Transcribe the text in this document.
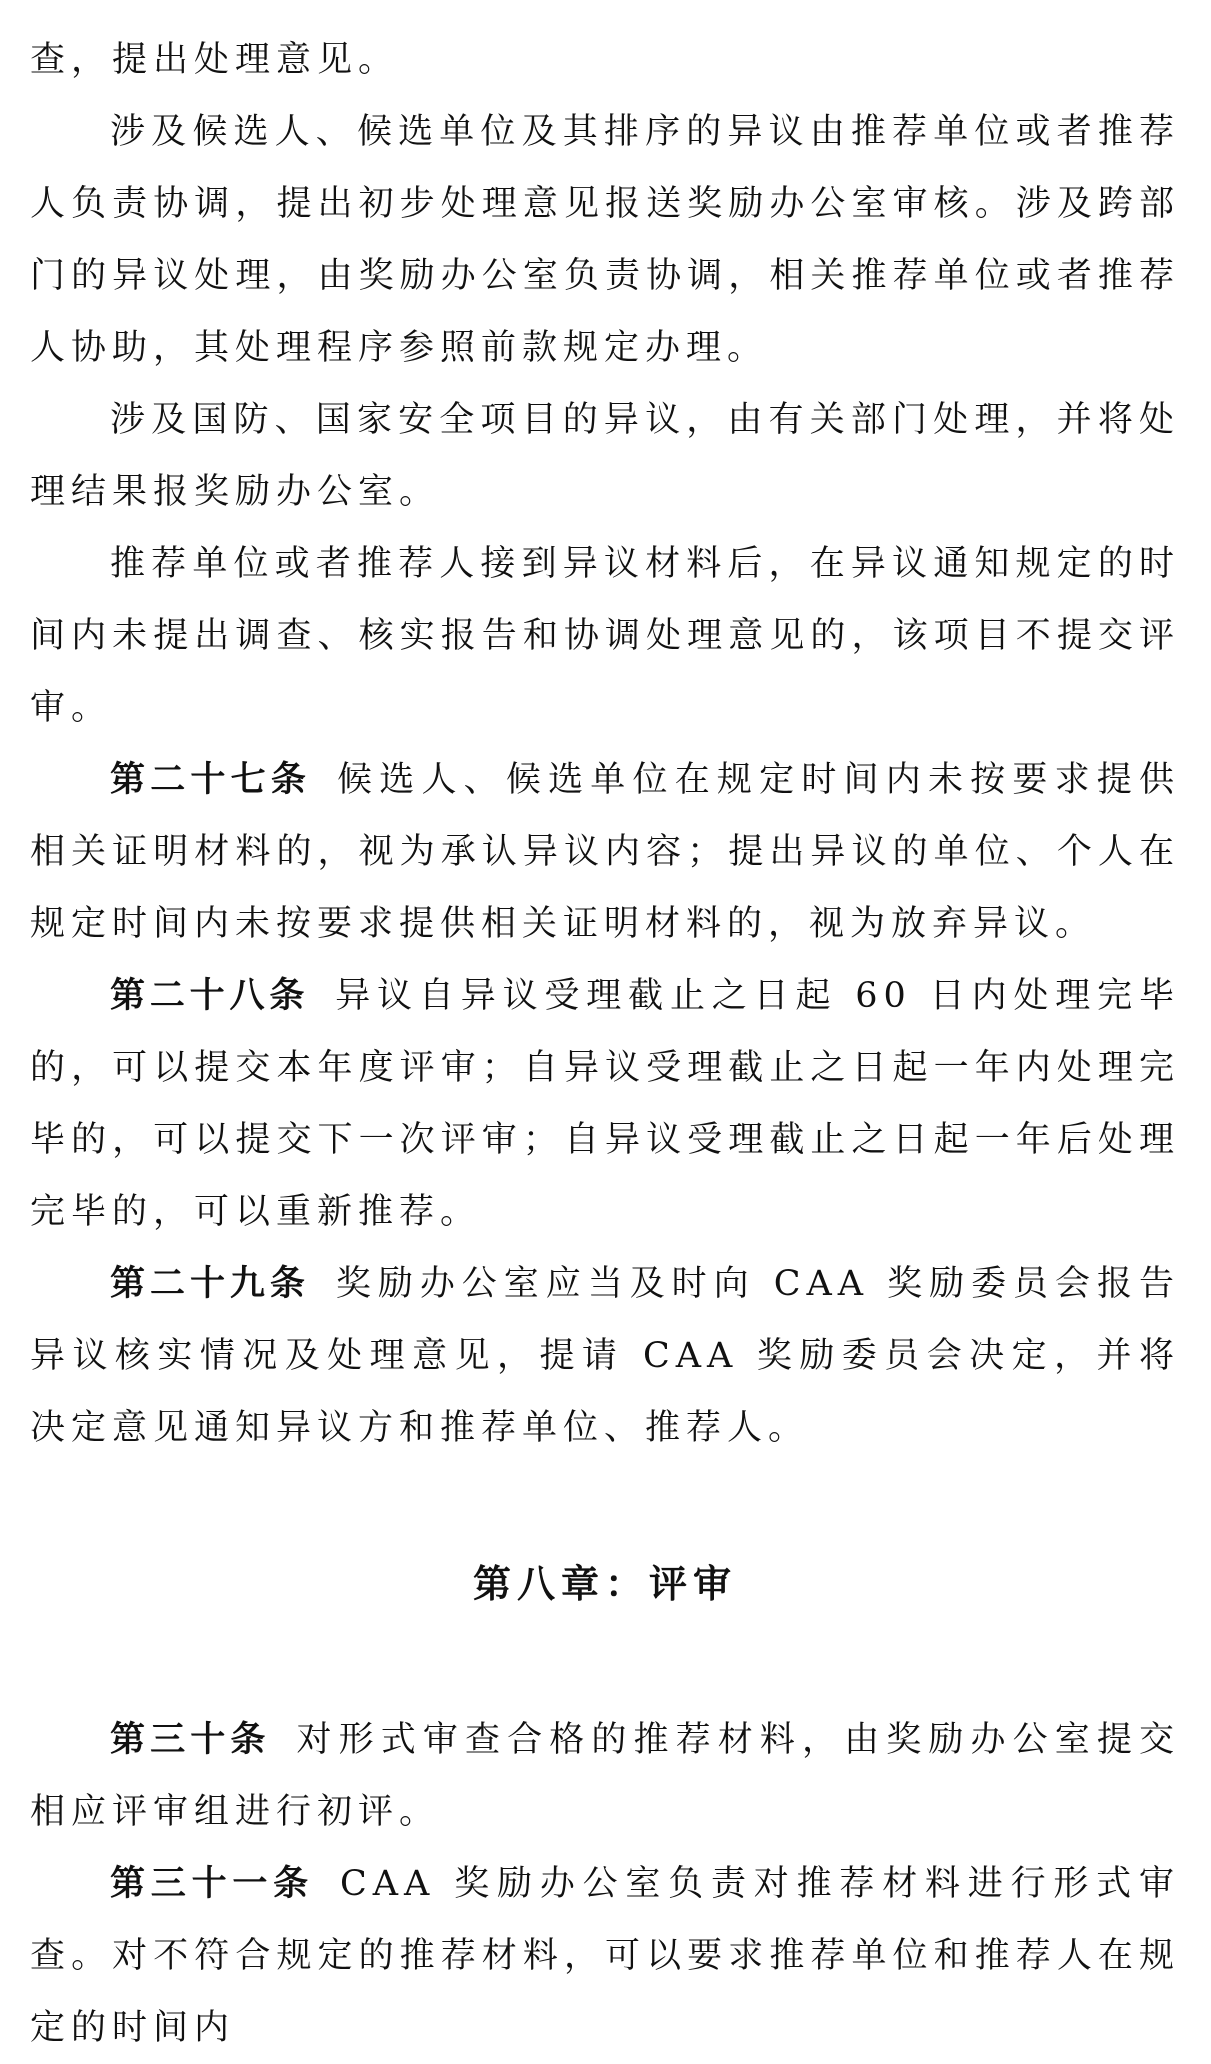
查，提出处理意见。

涉及候选人、候选单位及其排序的异议由推荐单位或者推荐人负责协调，提出初步处理意见报送奖励办公室审核。涉及跨部门的异议处理，由奖励办公室负责协调，相关推荐单位或者推荐人协助，其处理程序参照前款规定办理。

涉及国防、国家安全项目的异议，由有关部门处理，并将处理结果报奖励办公室。

推荐单位或者推荐人接到异议材料后，在异议通知规定的时间内未提出调查、核实报告和协调处理意见的，该项目不提交评审。

第二十七条 候选人、候选单位在规定时间内未按要求提供相关证明材料的，视为承认异议内容；提出异议的单位、个人在规定时间内未按要求提供相关证明材料的，视为放弃异议。

第二十八条 异议自异议受理截止之日起 60 日内处理完毕的，可以提交本年度评审；自异议受理截止之日起一年内处理完毕的，可以提交下一次评审；自异议受理截止之日起一年后处理完毕的，可以重新推荐。

第二十九条 奖励办公室应当及时向 CAA 奖励委员会报告异议核实情况及处理意见，提请 CAA 奖励委员会决定，并将决定意见通知异议方和推荐单位、推荐人。

第八章：评审

第三十条 对形式审查合格的推荐材料，由奖励办公室提交相应评审组进行初评。

第三十一条 CAA 奖励办公室负责对推荐材料进行形式审查。对不符合规定的推荐材料，可以要求推荐单位和推荐人在规定的时间内
